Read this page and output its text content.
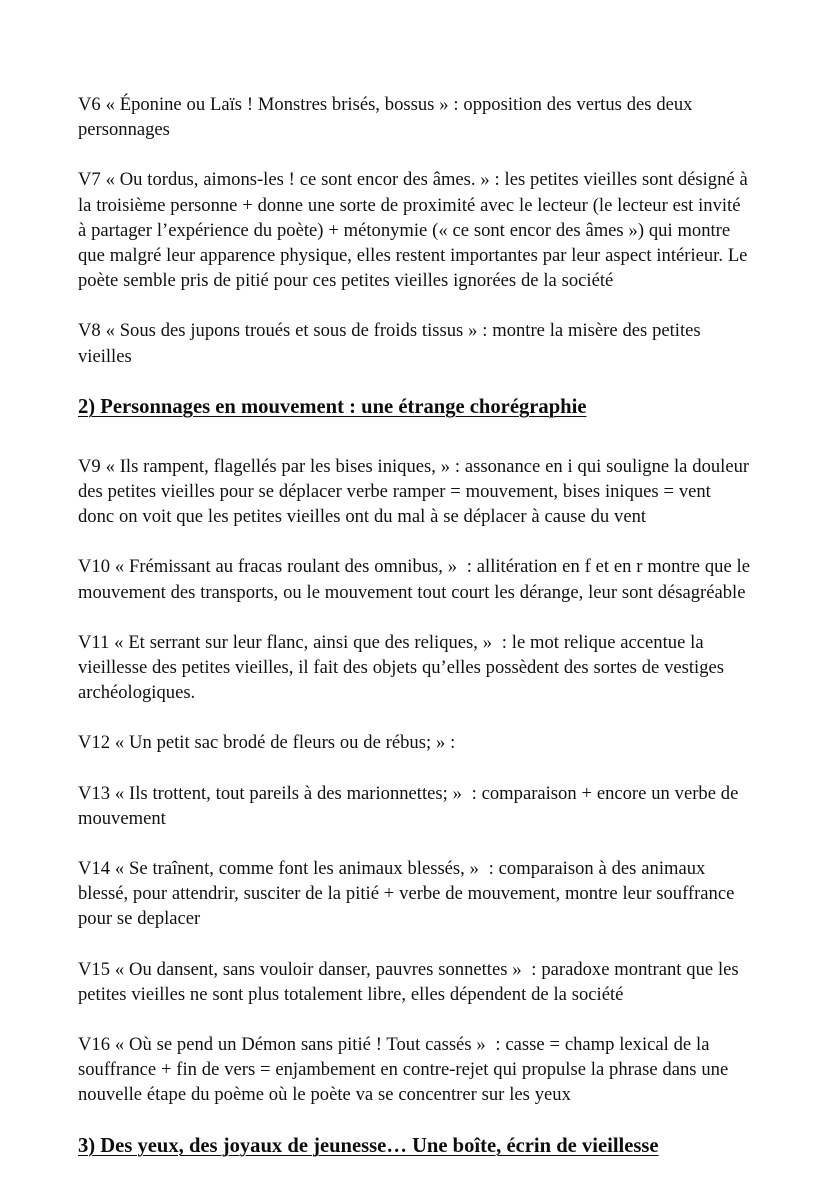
V6 « Éponine ou Laïs ! Monstres brisés, bossus » : opposition des vertus des deux personnages

V7 « Ou tordus, aimons-les ! ce sont encor des âmes. » : les petites vieilles sont désigné à la troisième personne + donne une sorte de proximité avec le lecteur (le lecteur est invité à partager l’expérience du poète) + métonymie (« ce sont encor des âmes ») qui montre que malgré leur apparence physique, elles restent importantes par leur aspect intérieur. Le poète semble pris de pitié pour ces petites vieilles ignorées de la société

V8 « Sous des jupons troués et sous de froids tissus » : montre la misère des petites vieilles

2) Personnages en mouvement : une étrange chorégraphie

V9 « Ils rampent, flagellés par les bises iniques, » : assonance en i qui souligne la douleur des petites vieilles pour se déplacer verbe ramper = mouvement, bises iniques = vent donc on voit que les petites vieilles ont du mal à se déplacer à cause du vent

V10 « Frémissant au fracas roulant des omnibus, »  : allitération en f et en r montre que le mouvement des transports, ou le mouvement tout court les dérange, leur sont désagréable

V11 « Et serrant sur leur flanc, ainsi que des reliques, »  : le mot relique accentue la vieillesse des petites vieilles, il fait des objets qu’elles possèdent des sortes de vestiges archéologiques.

V12 « Un petit sac brodé de fleurs ou de rébus; » :

V13 « Ils trottent, tout pareils à des marionnettes; »  : comparaison + encore un verbe de mouvement

V14 « Se traînent, comme font les animaux blessés, »  : comparaison à des animaux blessé, pour attendrir, susciter de la pitié + verbe de mouvement, montre leur souffrance pour se deplacer

V15 « Ou dansent, sans vouloir danser, pauvres sonnettes »  : paradoxe montrant que les petites vieilles ne sont plus totalement libre, elles dépendent de la société

V16 « Où se pend un Démon sans pitié ! Tout cassés »  : casse = champ lexical de la souffrance + fin de vers = enjambement en contre-rejet qui propulse la phrase dans une nouvelle étape du poème où le poète va se concentrer sur les yeux

3) Des yeux, des joyaux de jeunesse… Une boîte, écrin de vieillesse
